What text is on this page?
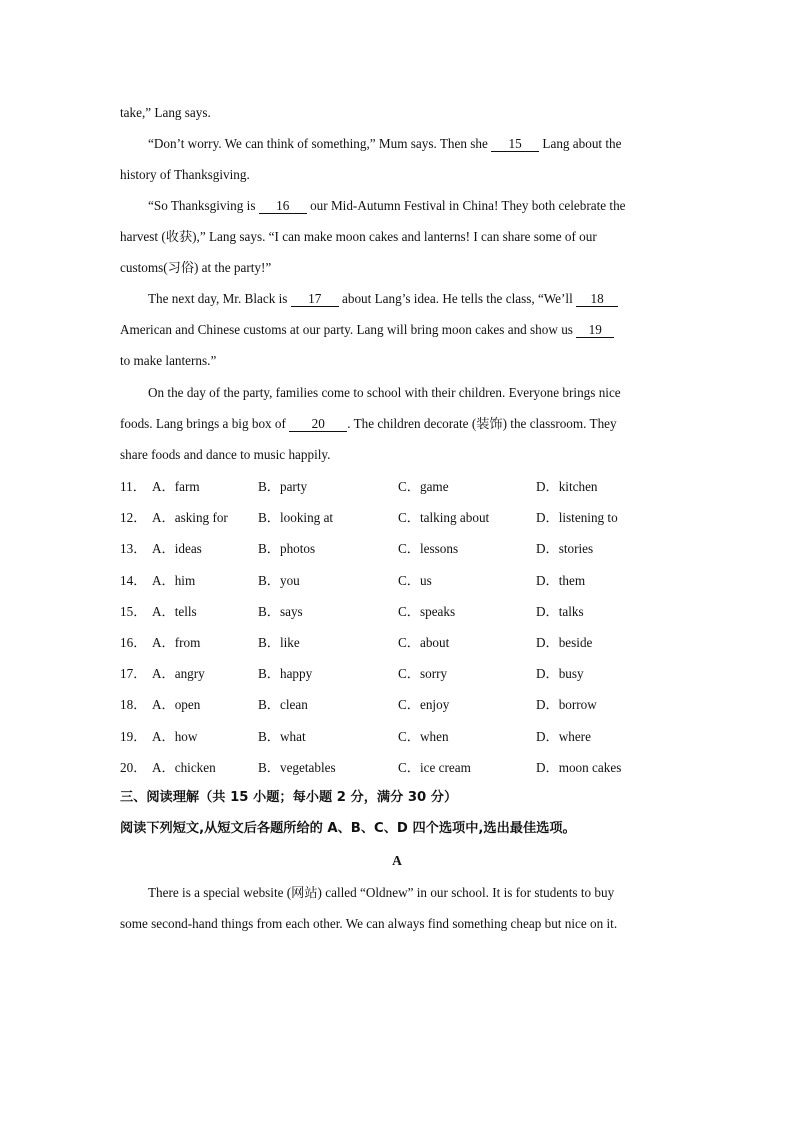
take,” Lang says.
“Don’t worry. We can think of something,” Mum says. Then she 15 Lang about the
history of Thanksgiving.
“So Thanksgiving is 16 our Mid-Autumn Festival in China! They both celebrate the
harvest (收获),” Lang says. “I can make moon cakes and lanterns! I can share some of our
customs(习俗) at the party!”
The next day, Mr. Black is 17 about Lang’s idea. He tells the class, “We’ll 18
American and Chinese customs at our party. Lang will bring moon cakes and show us 19
to make lanterns.”
On the day of the party, families come to school with their children. Everyone brings nice
foods. Lang brings a big box of 20 . The children decorate (装饰) the classroom. They
share foods and dance to music happily.
11． A．farm	B．party	C．game	D．kitchen
12． A．asking for B．looking at	C．talking about	D．listening to
13． A．ideas	B．photos	C．lessons	D．stories
14． A．him	B．you	C．us	D．them
15． A．tells	B．says	C．speaks	D．talks
16． A．from	B．like	C．about	D．beside
17． A．angry	B．happy	C．sorry	D．busy
18． A．open	B．clean	C．enjoy	D．borrow
19． A．how	B．what	C．when	D．where
20． A．chicken	B．vegetables	C．ice cream	D．moon cakes
三、阅读理解（共 15 小题；每小题 2 分，满分 30 分）
阅读下列短文,从短文后各题所给的 A、B、C、D 四个选项中,选出最佳选项。
A
There is a special website (网站) called “Oldnew” in our school. It is for students to buy
some second-hand things from each other. We can always find something cheap but nice on it.
